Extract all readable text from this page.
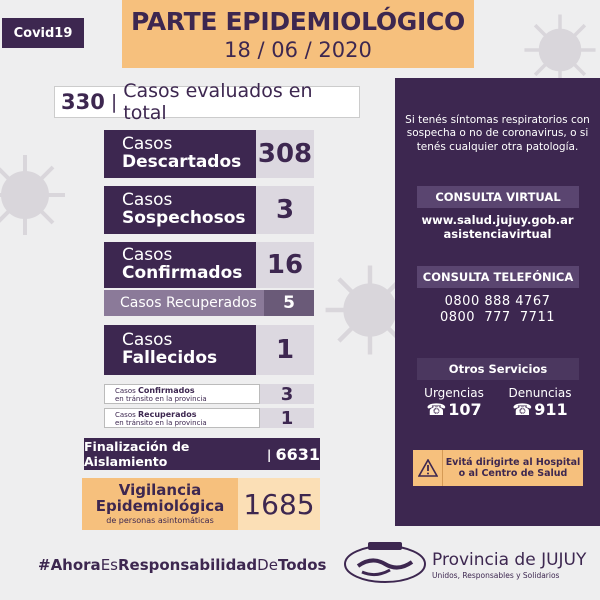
Covid19	PARTE EPIDEMIOLÓGICO
18 / 06 / 2020
330 | Casos evaluados en total
Casos
Descartados 308
Casos
Sospechosos	3
Casos
Confirmados 16
Casos Recuperados	5
Casos
Fallecidos	1
Casos Confirmados
en tránsito en la provincia	3
Casos Recuperados
en tránsito en la provincia	1
Finalización de Aislamiento	| 6631
Vigilancia
Epidemiológica
de personas asintomáticas	1685
Si tenés síntomas respiratorios con sospecha o no de coronavirus, o si tenés cualquier otra patología.
CONSULTA VIRTUAL
www.salud.jujuy.gob.ar
asistenciavirtual
CONSULTA TELEFÓNICA
0800 888 4767
0800  777  7711
Otros Servicios
Urgencias
☎ 107
Denuncias
☎ 911
Evitá dirigirte al Hospital
o al Centro de Salud
#AhoraEsResponsabilidadDeTodos	Provincia de JUJUY
Unidos, Responsables y Solidarios
